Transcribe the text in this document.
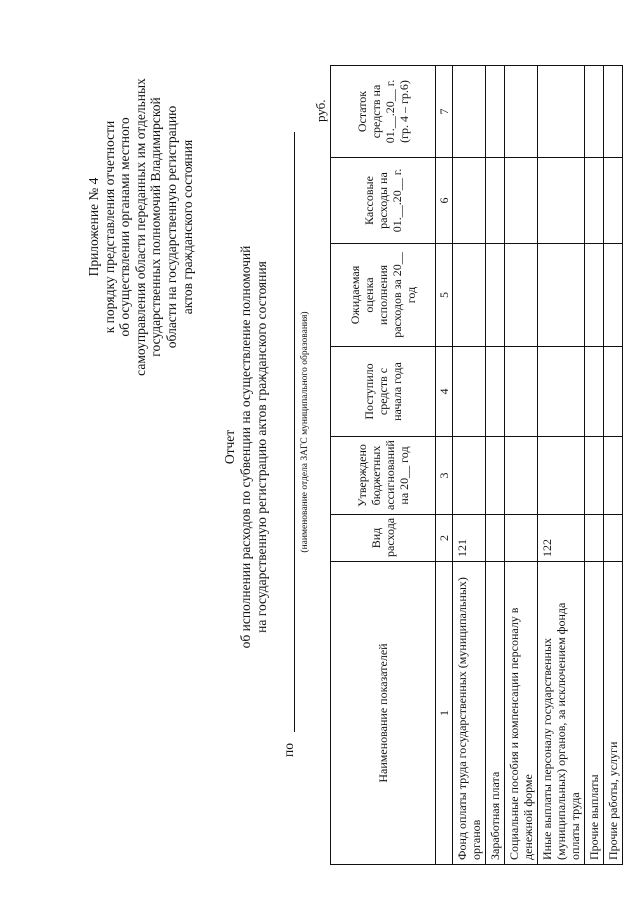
Приложение № 4 к порядку представления отчетности об осуществлении органами местного самоуправления области переданных им отдельных государственных полномочий Владимирской области на государственную регистрацию актов гражданского состояния
Отчет об исполнении расходов по субвенции на осуществление полномочий на государственную регистрацию актов гражданского состояния
по
(наименование отдела ЗАГС муниципального образования)
руб.
Наименование показателей	Вид расхода	Утверждено бюджетных ассигнований на 20__ год	Поступило средств с начала года	Ожидаемая оценка исполнения расходов за 20__ год	Кассовые расходы на 01.__.20__ г.	Остаток средств на 01.__.20__ г. (гр. 4 – гр.6)
1	2	3	4	5	6	7
Фонд оплаты труда государственных (муниципальных) органов	121					
Заработная плата						
Социальные пособия и компенсации персоналу в денежной форме						
Иные выплаты персоналу государственных (муниципальных) органов, за исключением фонда оплаты труда	122					
Прочие выплаты						
Прочие работы, услуги						
